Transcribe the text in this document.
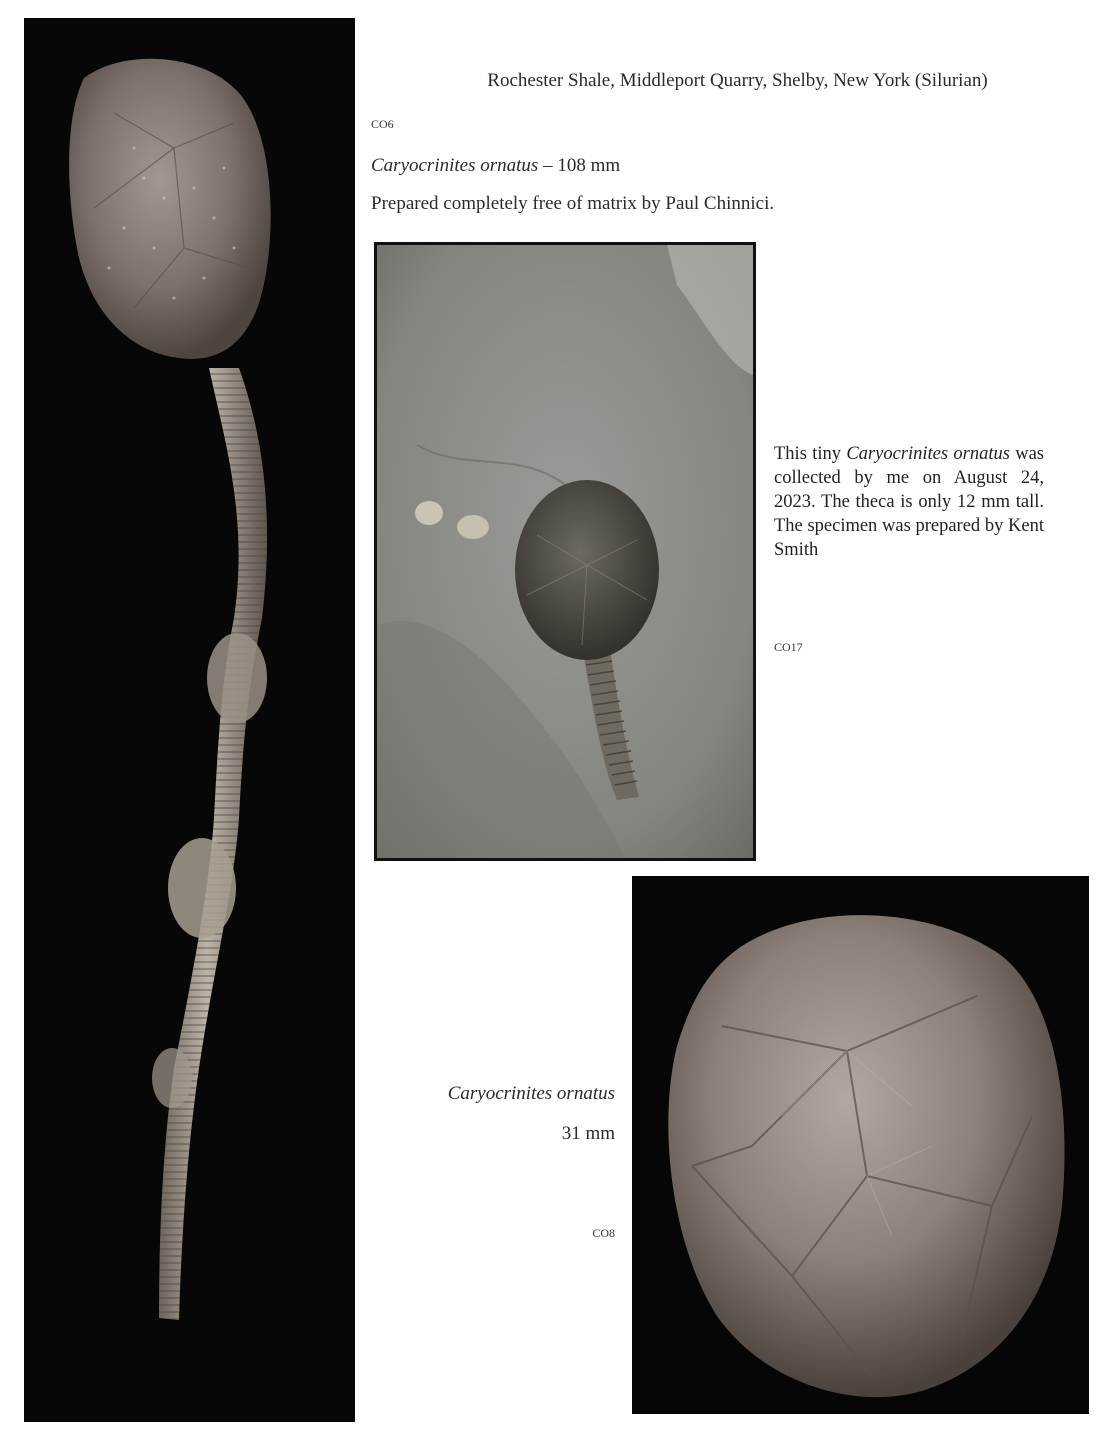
Rochester Shale, Middleport Quarry, Shelby, New York (Silurian)
CO6
Caryocrinites ornatus – 108 mm
Prepared completely free of matrix by Paul Chinnici.
This tiny Caryocrinites ornatus was collected by me on August 24, 2023. The theca is only 12 mm tall. The specimen was prepared by Kent Smith
CO17
Caryocrinites ornatus
31 mm
CO8
